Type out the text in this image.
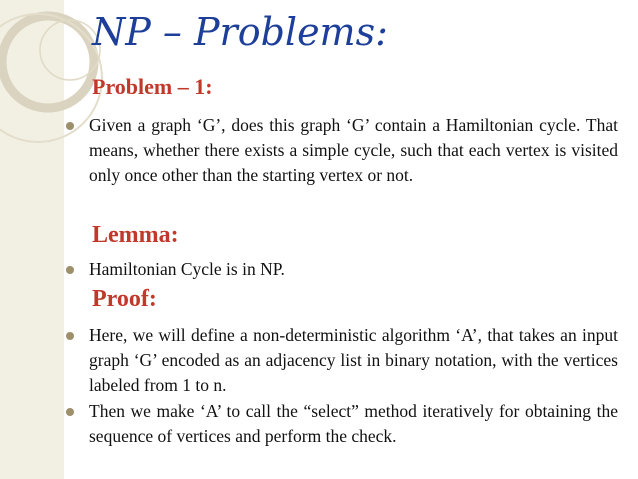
NP – Problems:
Problem – 1:
Given a graph ‘G’, does this graph ‘G’ contain a Hamiltonian cycle. That means, whether there exists a simple cycle, such that each vertex is visited only once other than the starting vertex or not.
Lemma:
Hamiltonian Cycle is in NP.
Proof:
Here, we will define a non-deterministic algorithm ‘A’, that takes an input graph ‘G’ encoded as an adjacency list in binary notation, with the vertices labeled from 1 to n.
Then we make ‘A’ to call the “select” method iteratively for obtaining the sequence of vertices and perform the check.
